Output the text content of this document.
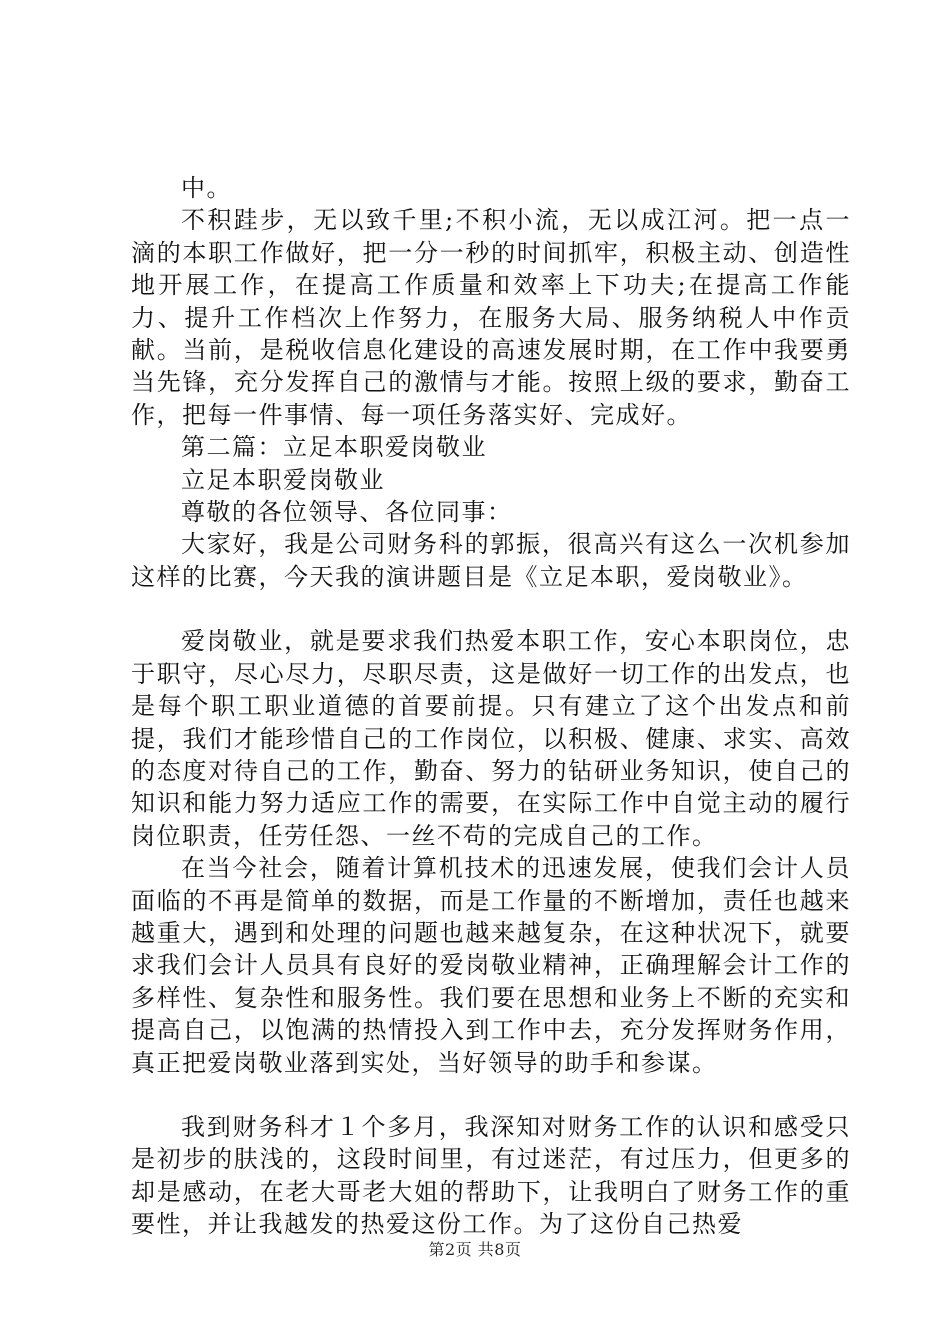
中。

不积跬步，无以致千里;不积小流，无以成江河。把一点一滴的本职工作做好，把一分一秒的时间抓牢，积极主动、创造性地开展工作，在提高工作质量和效率上下功夫;在提高工作能力、提升工作档次上作努力，在服务大局、服务纳税人中作贡献。当前，是税收信息化建设的高速发展时期，在工作中我要勇当先锋，充分发挥自己的激情与才能。按照上级的要求，勤奋工作，把每一件事情、每一项任务落实好、完成好。

第二篇：立足本职爱岗敬业

立足本职爱岗敬业

尊敬的各位领导、各位同事：

大家好，我是公司财务科的郭振，很高兴有这么一次机参加这样的比赛，今天我的演讲题目是《立足本职，爱岗敬业》。

爱岗敬业，就是要求我们热爱本职工作，安心本职岗位，忠于职守，尽心尽力，尽职尽责，这是做好一切工作的出发点，也是每个职工职业道德的首要前提。只有建立了这个出发点和前提，我们才能珍惜自己的工作岗位，以积极、健康、求实、高效的态度对待自己的工作，勤奋、努力的钻研业务知识，使自己的知识和能力努力适应工作的需要，在实际工作中自觉主动的履行岗位职责，任劳任怨、一丝不苟的完成自己的工作。

在当今社会，随着计算机技术的迅速发展，使我们会计人员面临的不再是简单的数据，而是工作量的不断增加，责任也越来越重大，遇到和处理的问题也越来越复杂，在这种状况下，就要求我们会计人员具有良好的爱岗敬业精神，正确理解会计工作的多样性、复杂性和服务性。我们要在思想和业务上不断的充实和提高自己，以饱满的热情投入到工作中去，充分发挥财务作用，真正把爱岗敬业落到实处，当好领导的助手和参谋。

我到财务科才１个多月，我深知对财务工作的认识和感受只是初步的肤浅的，这段时间里，有过迷茫，有过压力，但更多的却是感动，在老大哥老大姐的帮助下，让我明白了财务工作的重要性，并让我越发的热爱这份工作。为了这份自己热爱

第2页 共8页
